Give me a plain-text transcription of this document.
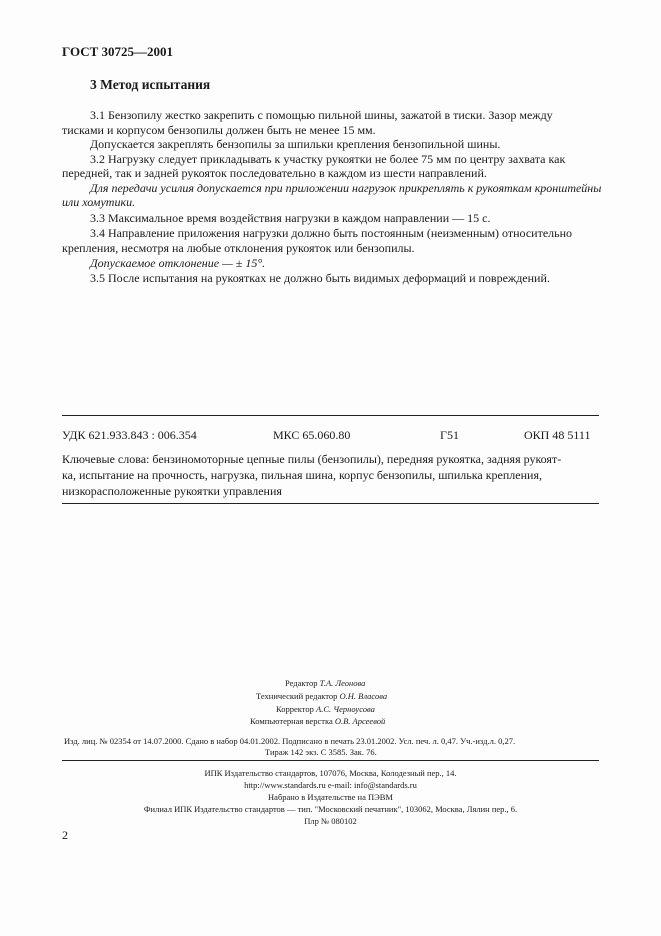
ГОСТ 30725—2001
3 Метод испытания
3.1 Бензопилу жестко закрепить с помощью пильной шины, зажатой в тиски. Зазор между
тисками и корпусом бензопилы должен быть не менее 15 мм.
Допускается закреплять бензопилы за шпильки крепления бензопильной шины.
3.2 Нагрузку следует прикладывать к участку рукоятки не более 75 мм по центру захвата как
передней, так и задней рукояток последовательно в каждом из шести направлений.
Для передачи усилия допускается при приложении нагрузок прикреплять к рукояткам кронштейны
или хомутики.
3.3 Максимальное время воздействия нагрузки в каждом направлении — 15 с.
3.4 Направление приложения нагрузки должно быть постоянным (неизменным) относительно
крепления, несмотря на любые отклонения рукояток или бензопилы.
Допускаемое отклонение — ± 15°.
3.5 После испытания на рукоятках не должно быть видимых деформаций и повреждений.
УДК 621.933.843 : 006.354	МКС 65.060.80	Г51	ОКП 48 5111
Ключевые слова: бензиномоторные цепные пилы (бензопилы), передняя рукоятка, задняя рукоят-
ка, испытание на прочность, нагрузка, пильная шина, корпус бензопилы, шпилька крепления,
низкорасположенные рукоятки управления
Редактор Т.А. Леонова
Технический редактор О.Н. Власова
Корректор А.С. Черноусова
Компьютерная верстка О.В. Арсеевой
Изд. лиц. № 02354 от 14.07.2000. Сдано в набор 04.01.2002. Подписано в печать 23.01.2002. Усл. печ. л. 0,47. Уч.-изд.л. 0,27.
Тираж 142 экз. С 3585. Зак. 76.
ИПК Издательство стандартов, 107076, Москва, Колодезный пер., 14.
http://www.standards.ru e-mail: info@standards.ru
Набрано в Издательстве на ПЭВМ
Филиал ИПК Издательство стандартов — тип. "Московский печатник", 103062, Москва, Лялин пер., 6.
Плр № 080102
2
